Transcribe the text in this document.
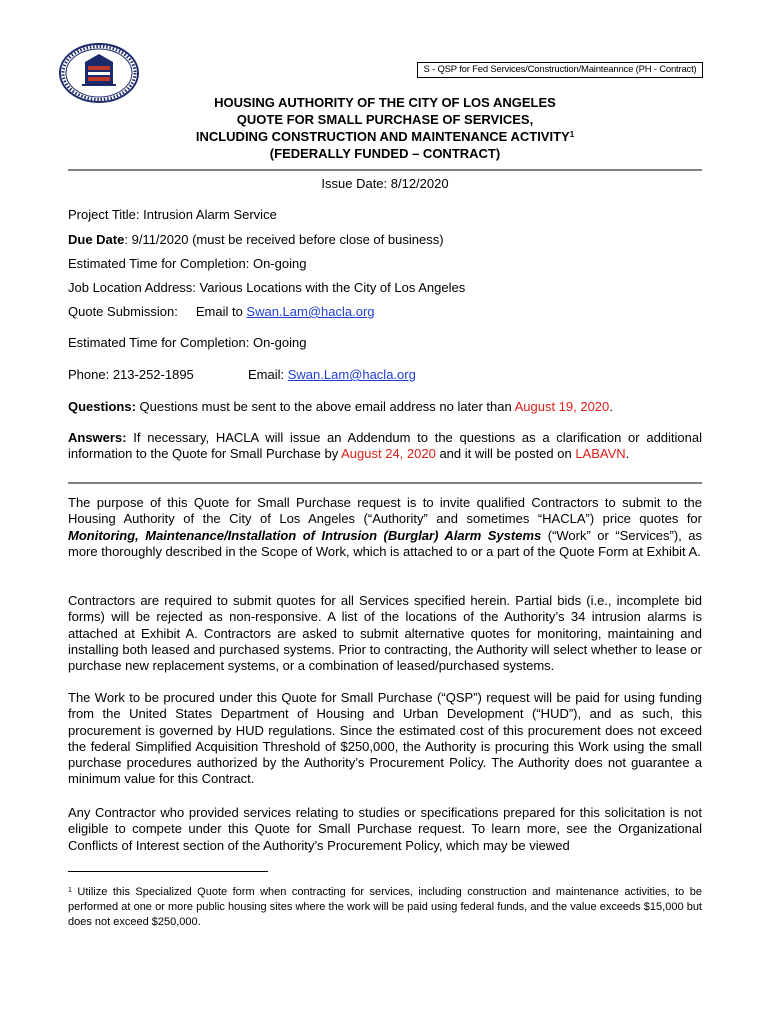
S - QSP for Fed Services/Construction/Mainteannce (PH - Contract)
HOUSING AUTHORITY OF THE CITY OF LOS ANGELES
QUOTE FOR SMALL PURCHASE OF SERVICES,
INCLUDING CONSTRUCTION AND MAINTENANCE ACTIVITY$^1$
(FEDERALLY FUNDED – CONTRACT)
Issue Date: 8/12/2020
Project Title: Intrusion Alarm Service
Due Date: 9/11/2020 (must be received before close of business)
Estimated Time for Completion: On-going
Job Location Address: Various Locations with the City of Los Angeles
Quote Submission: Email to Swan.Lam@hacla.org
Estimated Time for Completion: On-going
Phone: 213-252-1895	Email: Swan.Lam@hacla.org
Questions: Questions must be sent to the above email address no later than August 19, 2020.
Answers: If necessary, HACLA will issue an Addendum to the questions as a clarification or additional information to the Quote for Small Purchase by August 24, 2020 and it will be posted on LABAVN.
The purpose of this Quote for Small Purchase request is to invite qualified Contractors to submit to the Housing Authority of the City of Los Angeles (“Authority” and sometimes “HACLA”) price quotes for Monitoring, Maintenance/Installation of Intrusion (Burglar) Alarm Systems (“Work” or “Services”), as more thoroughly described in the Scope of Work, which is attached to or a part of the Quote Form at Exhibit A.
Contractors are required to submit quotes for all Services specified herein. Partial bids (i.e., incomplete bid forms) will be rejected as non-responsive. A list of the locations of the Authority’s 34 intrusion alarms is attached at Exhibit A. Contractors are asked to submit alternative quotes for monitoring, maintaining and installing both leased and purchased systems. Prior to contracting, the Authority will select whether to lease or purchase new replacement systems, or a combination of leased/purchased systems.
The Work to be procured under this Quote for Small Purchase (“QSP”) request will be paid for using funding from the United States Department of Housing and Urban Development (“HUD”), and as such, this procurement is governed by HUD regulations. Since the estimated cost of this procurement does not exceed the federal Simplified Acquisition Threshold of $250,000, the Authority is procuring this Work using the small purchase procedures authorized by the Authority’s Procurement Policy. The Authority does not guarantee a minimum value for this Contract.
Any Contractor who provided services relating to studies or specifications prepared for this solicitation is not eligible to compete under this Quote for Small Purchase request. To learn more, see the Organizational Conflicts of Interest section of the Authority’s Procurement Policy, which may be viewed
$^1$ Utilize this Specialized Quote form when contracting for services, including construction and maintenance activities, to be performed at one or more public housing sites where the work will be paid using federal funds, and the value exceeds $15,000 but does not exceed $250,000.
